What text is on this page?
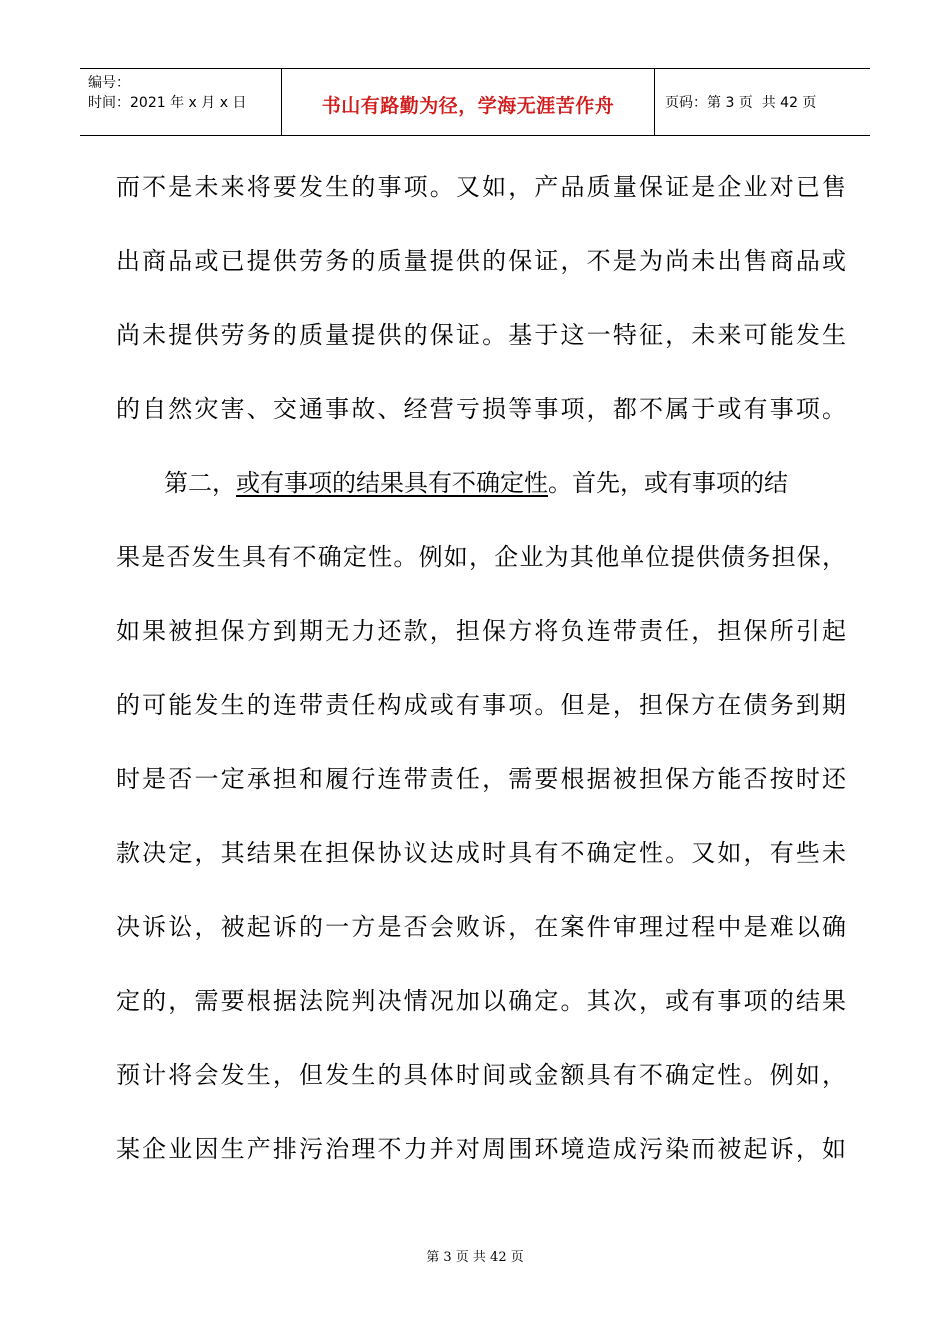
编号：
时间：2021 年 x 月 x 日	书山有路勤为径，学海无涯苦作舟	页码：第 3 页  共 42 页
而不是未来将要发生的事项。又如，产品质量保证是企业对已售
出商品或已提供劳务的质量提供的保证，不是为尚未出售商品或
尚未提供劳务的质量提供的保证。基于这一特征，未来可能发生
的自然灾害、交通事故、经营亏损等事项，都不属于或有事项。
第二，或有事项的结果具有不确定性。首先，或有事项的结
果是否发生具有不确定性。例如，企业为其他单位提供债务担保，
如果被担保方到期无力还款，担保方将负连带责任，担保所引起
的可能发生的连带责任构成或有事项。但是，担保方在债务到期
时是否一定承担和履行连带责任，需要根据被担保方能否按时还
款决定，其结果在担保协议达成时具有不确定性。又如，有些未
决诉讼，被起诉的一方是否会败诉，在案件审理过程中是难以确
定的，需要根据法院判决情况加以确定。其次，或有事项的结果
预计将会发生，但发生的具体时间或金额具有不确定性。例如，
某企业因生产排污治理不力并对周围环境造成污染而被起诉，如
第 3 页 共 42 页
